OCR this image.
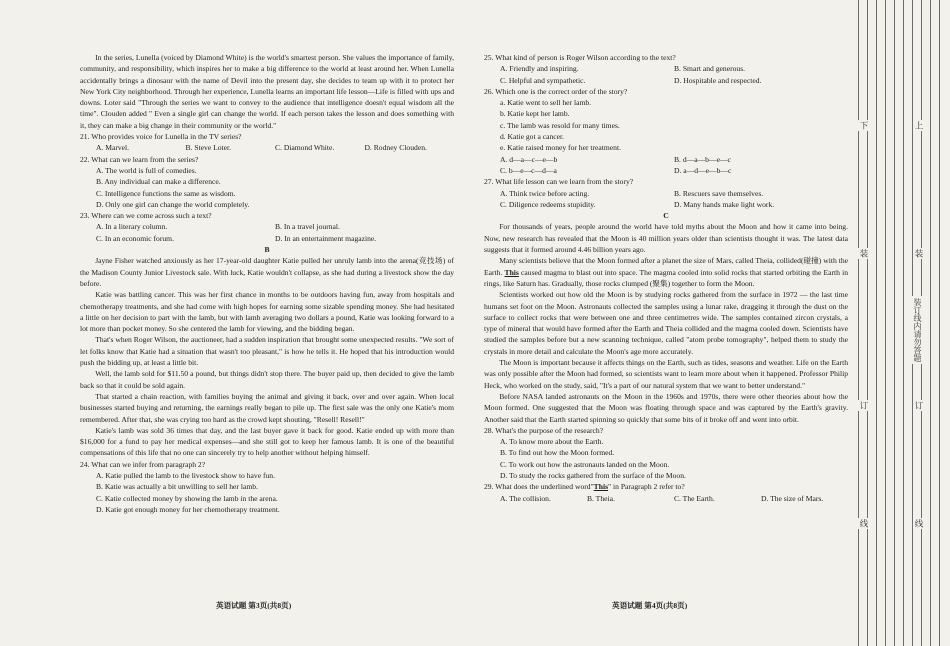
In the series, Lunella (voiced by Diamond White) is the world's smartest person. She values the importance of family, community, and responsibility, which inspires her to make a big difference to the world at least around her. When Lunella accidentally brings a dinosaur with the name of Devil into the present day, she decides to team up with it to protect her New York City neighborhood. Through her experience, Lunella learns an important life lesson—Life is filled with ups and downs. Loter said "Through the series we want to convey to the audience that intelligence doesn't equal wisdom all the time". Clouden added " Even a single girl can change the world. If each person takes the lesson and does something with it, they can make a big change in their community or the world."

21. Who provides voice for Lunella in the TV series?
A. Marvel.	B. Steve Loter.	C. Diamond White.	D. Rodney Clouden.
22. What can we learn from the series?
A. The world is full of comedies.
B. Any individual can make a difference.
C. Intelligence functions the same as wisdom.
D. Only one girl can change the world completely.
23. Where can we come across such a text?
A. In a literary column.	B. In a travel journal.
C. In an economic forum.	D. In an entertainment magazine.
B

Jayne Fisher watched anxiously as her 17-year-old daughter Katie pulled her unruly lamb into the arena(竞技场) of the Madison County Junior Livestock sale. With luck, Katie wouldn't collapse, as she had during a livestock show the day before.

Katie was battling cancer. This was her first chance in months to be outdoors having fun, away from hospitals and chemotherapy treatments, and she had come with high hopes for earning some sizable spending money. She had hesitated a little on her decision to part with the lamb, but with lamb averaging two dollars a pound, Katie was looking forward to a lot more than pocket money. So she centered the lamb for viewing, and the bidding began.

That's when Roger Wilson, the auctioneer, had a sudden inspiration that brought some unexpected results. "We sort of let folks know that Katie had a situation that wasn't too pleasant," is how he tells it. He hoped that his introduction would push the bidding up, at least a little bit.

Well, the lamb sold for $11.50 a pound, but things didn't stop there. The buyer paid up, then decided to give the lamb back so that it could be sold again.

That started a chain reaction, with families buying the animal and giving it back, over and over again. When local businesses started buying and returning, the earnings really began to pile up. The first sale was the only one Katie's mom remembered. After that, she was crying too hard as the crowd kept shouting, "Resell! Resell!"

Katie's lamb was sold 36 times that day, and the last buyer gave it back for good. Katie ended up with more than $16,000 for a fund to pay her medical expenses—and she still got to keep her famous lamb. It is one of the beautiful compensations of this life that no one can sincerely try to help another without helping himself.

24. What can we infer from paragraph 2?
A. Katie pulled the lamb to the livestock show to have fun.
B. Katie was actually a bit unwilling to sell her lamb.
C. Katie collected money by showing the lamb in the arena.
D. Katie got enough money for her chemotherapy treatment.
25. What kind of person is Roger Wilson according to the text?
A. Friendly and inspiring.	B. Smart and generous.
C. Helpful and sympathetic.	D. Hospitable and respected.
26. Which one is the correct order of the story?
a. Katie went to sell her lamb.
b. Katie kept her lamb.
c. The lamb was resold for many times.
d. Katie got a cancer.
e. Katie raised money for her treatment.
A. d—a—c—e—b	B. d—a—b—e—c
C. b—e—c—d—a	D. a—d—e—b—c
27. What life lesson can we learn from the story?
A. Think twice before acting.	B. Rescuers save themselves.
C. Diligence redeems stupidity.	D. Many hands make light work.
C

For thousands of years, people around the world have told myths about the Moon and how it came into being. Now, new research has revealed that the Moon is 40 million years older than scientists thought it was. The latest data suggests that it formed around 4.46 billion years ago.

Many scientists believe that the Moon formed after a planet the size of Mars, called Theia, collided(碰撞) with the Earth. This caused magma to blast out into space. The magma cooled into solid rocks that started orbiting the Earth in rings, like Saturn has. Gradually, those rocks clumped (聚集) together to form the Moon.

Scientists worked out how old the Moon is by studying rocks gathered from the surface in 1972 — the last time humans set foot on the Moon. Astronauts collected the samples using a lunar rake, dragging it through the dust on the surface to collect rocks that were between one and three centimetres wide. The samples contained zircon crystals, a type of mineral that would have formed after the Earth and Theia collided and the magma cooled down. Scientists have studied the samples before but a new scanning technique, called "atom probe tomography", helped them to study the crystals in more detail and calculate the Moon's age more accurately.

The Moon is important because it affects things on the Earth, such as tides, seasons and weather. Life on the Earth was only possible after the Moon had formed, so scientists want to learn more about when it happened. Professor Philip Heck, who worked on the study, said, "It's a part of our natural system that we want to better understand."

Before NASA landed astronauts on the Moon in the 1960s and 1970s, there were other theories about how the Moon formed. One suggested that the Moon was floating through space and was captured by the Earth's gravity. Another said that the Earth started spinning so quickly that some bits of it broke off and went into orbit.

28. What's the purpose of the research?
A. To know more about the Earth.
B. To find out how the Moon formed.
C. To work out how the astronauts landed on the Moon.
D. To study the rocks gathered from the surface of the Moon.
29. What does the underlined word"This" in Paragraph 2 refer to?
A. The collision.	B. Theia.	C. The Earth.	D. The size of Mars.
英语试题 第3页(共8页)	英语试题 第4页(共8页)
下	上
装	装
装订线内请勿答题
订	订
线	线
